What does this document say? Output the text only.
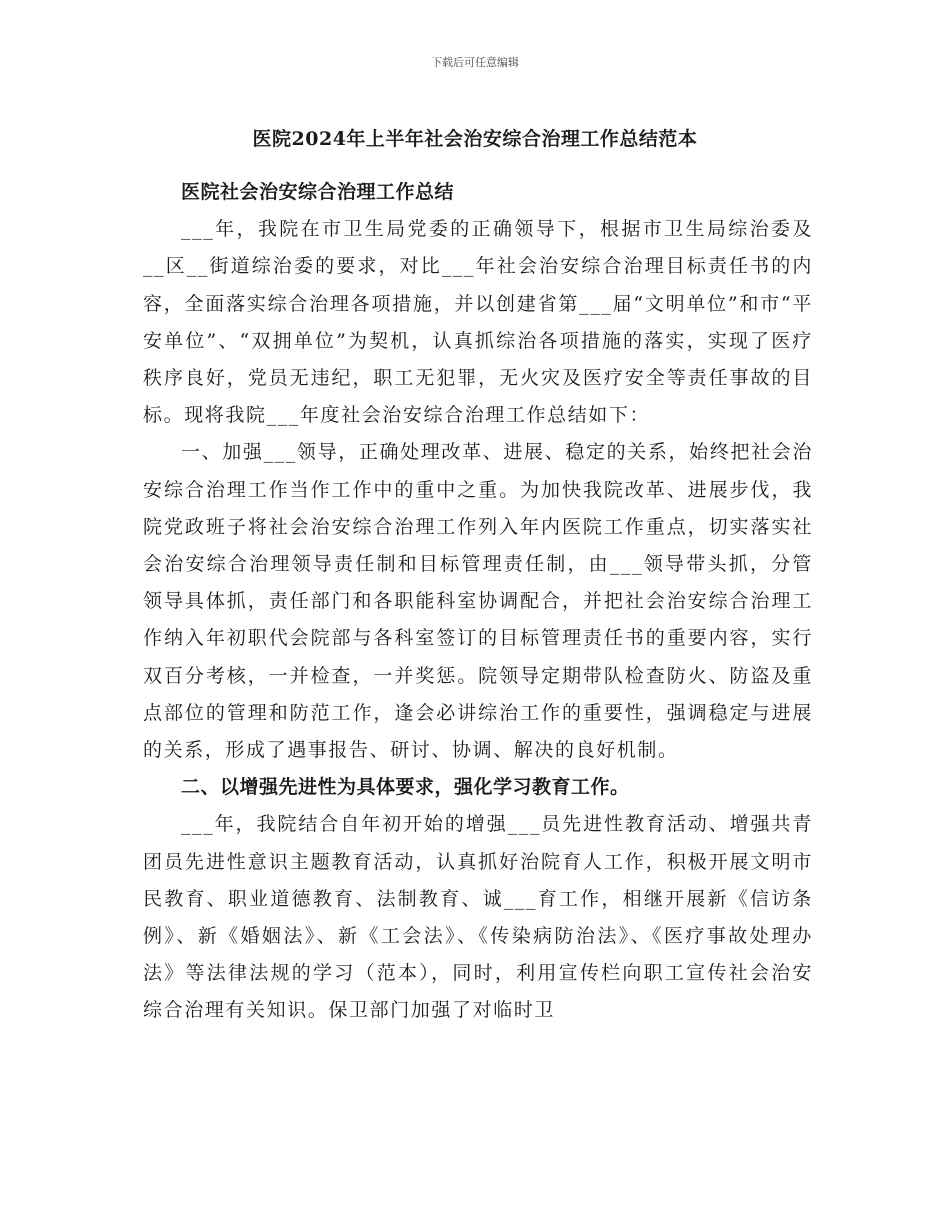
下载后可任意编辑
医院2024年上半年社会治安综合治理工作总结范本

医院社会治安综合治理工作总结

___年，我院在市卫生局党委的正确领导下，根据市卫生局综治委及__区__街道综治委的要求，对比___年社会治安综合治理目标责任书的内容，全面落实综合治理各项措施，并以创建省第___届“文明单位”和市“平安单位”、“双拥单位”为契机，认真抓综治各项措施的落实，实现了医疗秩序良好，党员无违纪，职工无犯罪，无火灾及医疗安全等责任事故的目标。现将我院___年度社会治安综合治理工作总结如下：

一、加强___领导，正确处理改革、进展、稳定的关系，始终把社会治安综合治理工作当作工作中的重中之重。为加快我院改革、进展步伐，我院党政班子将社会治安综合治理工作列入年内医院工作重点，切实落实社会治安综合治理领导责任制和目标管理责任制，由___领导带头抓，分管领导具体抓，责任部门和各职能科室协调配合，并把社会治安综合治理工作纳入年初职代会院部与各科室签订的目标管理责任书的重要内容，实行双百分考核，一并检查，一并奖惩。院领导定期带队检查防火、防盗及重点部位的管理和防范工作，逢会必讲综治工作的重要性，强调稳定与进展的关系，形成了遇事报告、研讨、协调、解决的良好机制。

二、以增强先进性为具体要求，强化学习教育工作。

___年，我院结合自年初开始的增强___员先进性教育活动、增强共青团员先进性意识主题教育活动，认真抓好治院育人工作，积极开展文明市民教育、职业道德教育、法制教育、诚___育工作，相继开展新《信访条例》、新《婚姻法》、新《工会法》、《传染病防治法》、《医疗事故处理办法》等法律法规的学习（范本），同时，利用宣传栏向职工宣传社会治安综合治理有关知识。保卫部门加强了对临时卫
